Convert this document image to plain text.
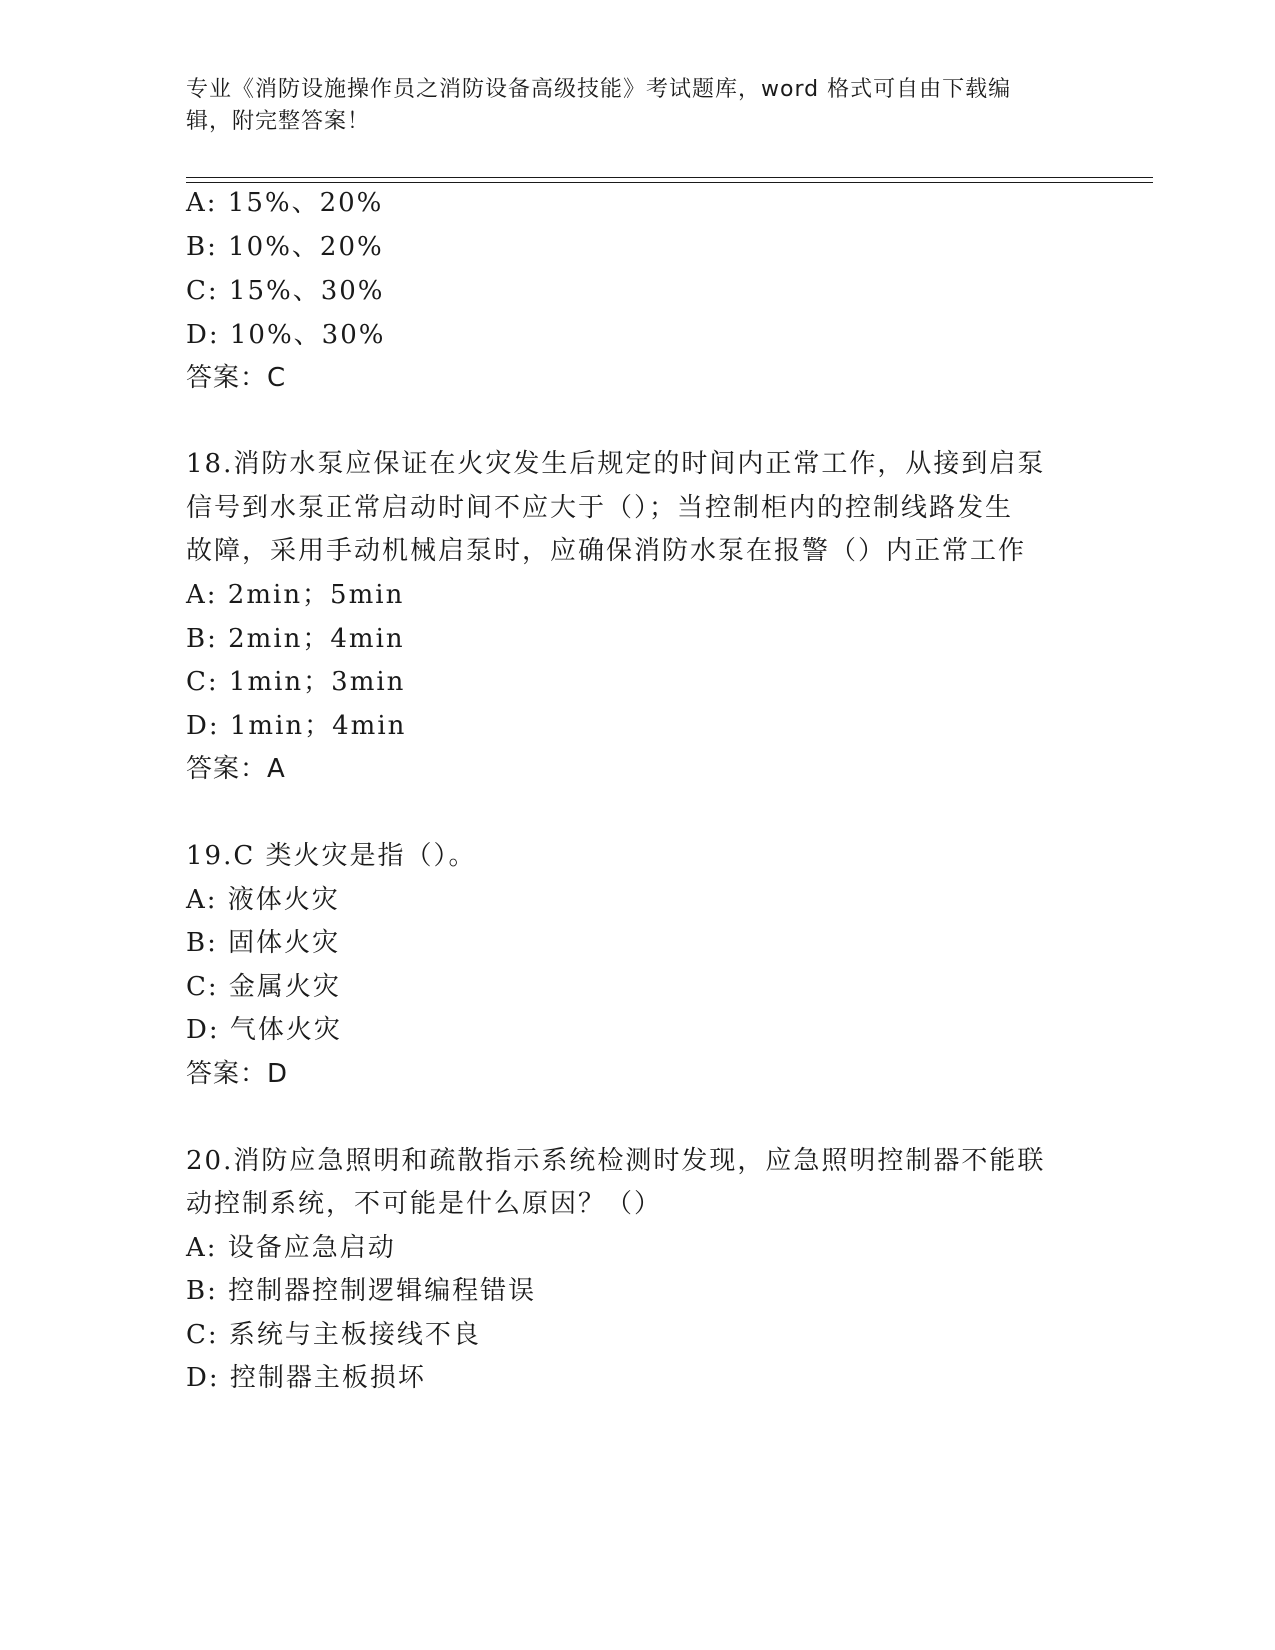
专业《消防设施操作员之消防设备高级技能》考试题库，word 格式可自由下载编
辑，附完整答案！
A: 15%、20%
B: 10%、20%
C: 15%、30%
D: 10%、30%
答案：C
18.消防水泵应保证在火灾发生后规定的时间内正常工作，从接到启泵
信号到水泵正常启动时间不应大于（）；当控制柜内的控制线路发生
故障，采用手动机械启泵时，应确保消防水泵在报警（）内正常工作
A: 2min；5min
B: 2min；4min
C: 1min；3min
D: 1min；4min
答案：A
19.C 类火灾是指（）。
A: 液体火灾
B: 固体火灾
C: 金属火灾
D: 气体火灾
答案：D
20.消防应急照明和疏散指示系统检测时发现，应急照明控制器不能联
动控制系统，不可能是什么原因？（）
A: 设备应急启动
B: 控制器控制逻辑编程错误
C: 系统与主板接线不良
D: 控制器主板损坏
